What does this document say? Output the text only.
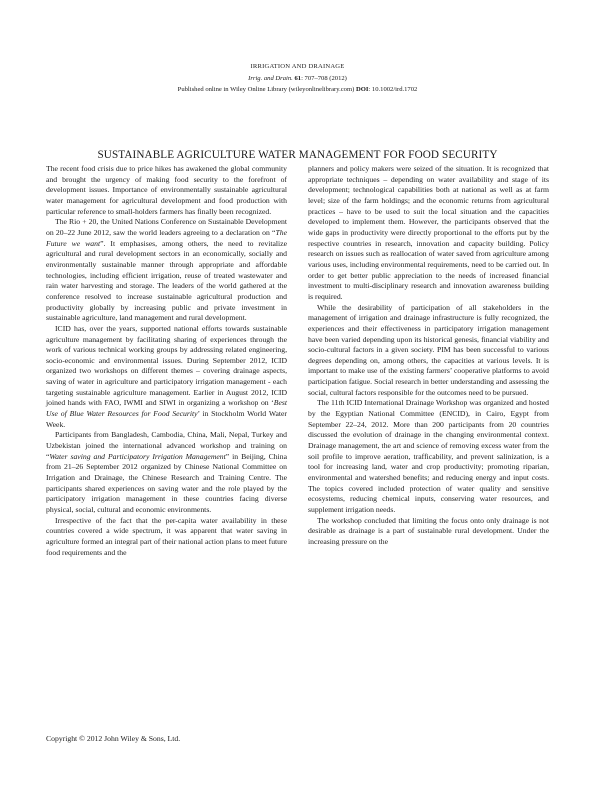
IRRIGATION AND DRAINAGE
Irrig. and Drain. 61: 707–708 (2012)
Published online in Wiley Online Library (wileyonlinelibrary.com) DOI: 10.1002/ird.1702
SUSTAINABLE AGRICULTURE WATER MANAGEMENT FOR FOOD SECURITY

The recent food crisis due to price hikes has awakened the global community and brought the urgency of making food security to the forefront of development issues. Importance of environmentally sustainable agricultural water management for agricultural development and food production with particular reference to small-holders farmers has finally been recognized.

The Rio + 20, the United Nations Conference on Sustainable Development on 20–22 June 2012, saw the world leaders agreeing to a declaration on “The Future we want”. It emphasises, among others, the need to revitalize agricultural and rural development sectors in an economically, socially and environmentally sustainable manner through appropriate and affordable technologies, including efficient irrigation, reuse of treated wastewater and rain water harvesting and storage. The leaders of the world gathered at the conference resolved to increase sustainable agricultural production and productivity globally by increasing public and private investment in sustainable agriculture, land management and rural development.

ICID has, over the years, supported national efforts towards sustainable agriculture management by facilitating sharing of experiences through the work of various technical working groups by addressing related engineering, socio-economic and environmental issues. During September 2012, ICID organized two workshops on different themes – covering drainage aspects, saving of water in agriculture and participatory irrigation management - each targeting sustainable agriculture management. Earlier in August 2012, ICID joined hands with FAO, IWMI and SIWI in organizing a workshop on ‘Best Use of Blue Water Resources for Food Security’ in Stockholm World Water Week.

Participants from Bangladesh, Cambodia, China, Mali, Nepal, Turkey and Uzbekistan joined the international advanced workshop and training on “Water saving and Participatory Irrigation Management” in Beijing, China from 21–26 September 2012 organized by Chinese National Committee on Irrigation and Drainage, the Chinese Research and Training Centre. The participants shared experiences on saving water and the role played by the participatory irrigation management in these countries facing diverse physical, social, cultural and economic environments.

Irrespective of the fact that the per-capita water availability in these countries covered a wide spectrum, it was apparent that water saving in agriculture formed an integral part of their national action plans to meet future food requirements and the

planners and policy makers were seized of the situation. It is recognized that appropriate techniques – depending on water availability and stage of its development; technological capabilities both at national as well as at farm level; size of the farm holdings; and the economic returns from agricultural practices – have to be used to suit the local situation and the capacities developed to implement them. However, the participants observed that the wide gaps in productivity were directly proportional to the efforts put by the respective countries in research, innovation and capacity building. Policy research on issues such as reallocation of water saved from agriculture among various uses, including environmental requirements, need to be carried out. In order to get better public appreciation to the needs of increased financial investment to multi-disciplinary research and innovation awareness building is required.

While the desirability of participation of all stakeholders in the management of irrigation and drainage infrastructure is fully recognized, the experiences and their effectiveness in participatory irrigation management have been varied depending upon its historical genesis, financial viability and socio-cultural factors in a given society. PIM has been successful to various degrees depending on, among others, the capacities at various levels. It is important to make use of the existing farmers’ cooperative platforms to avoid participation fatigue. Social research in better understanding and assessing the social, cultural factors responsible for the outcomes need to be pursued.

The 11th ICID International Drainage Workshop was organized and hosted by the Egyptian National Committee (ENCID), in Cairo, Egypt from September 22–24, 2012. More than 200 participants from 20 countries discussed the evolution of drainage in the changing environmental context. Drainage management, the art and science of removing excess water from the soil profile to improve aeration, trafficability, and prevent salinization, is a tool for increasing land, water and crop productivity; promoting riparian, environmental and watershed benefits; and reducing energy and input costs. The topics covered included protection of water quality and sensitive ecosystems, reducing chemical inputs, conserving water resources, and supplement irrigation needs.

The workshop concluded that limiting the focus onto only drainage is not desirable as drainage is a part of sustainable rural development. Under the increasing pressure on the

Copyright © 2012 John Wiley & Sons, Ltd.
